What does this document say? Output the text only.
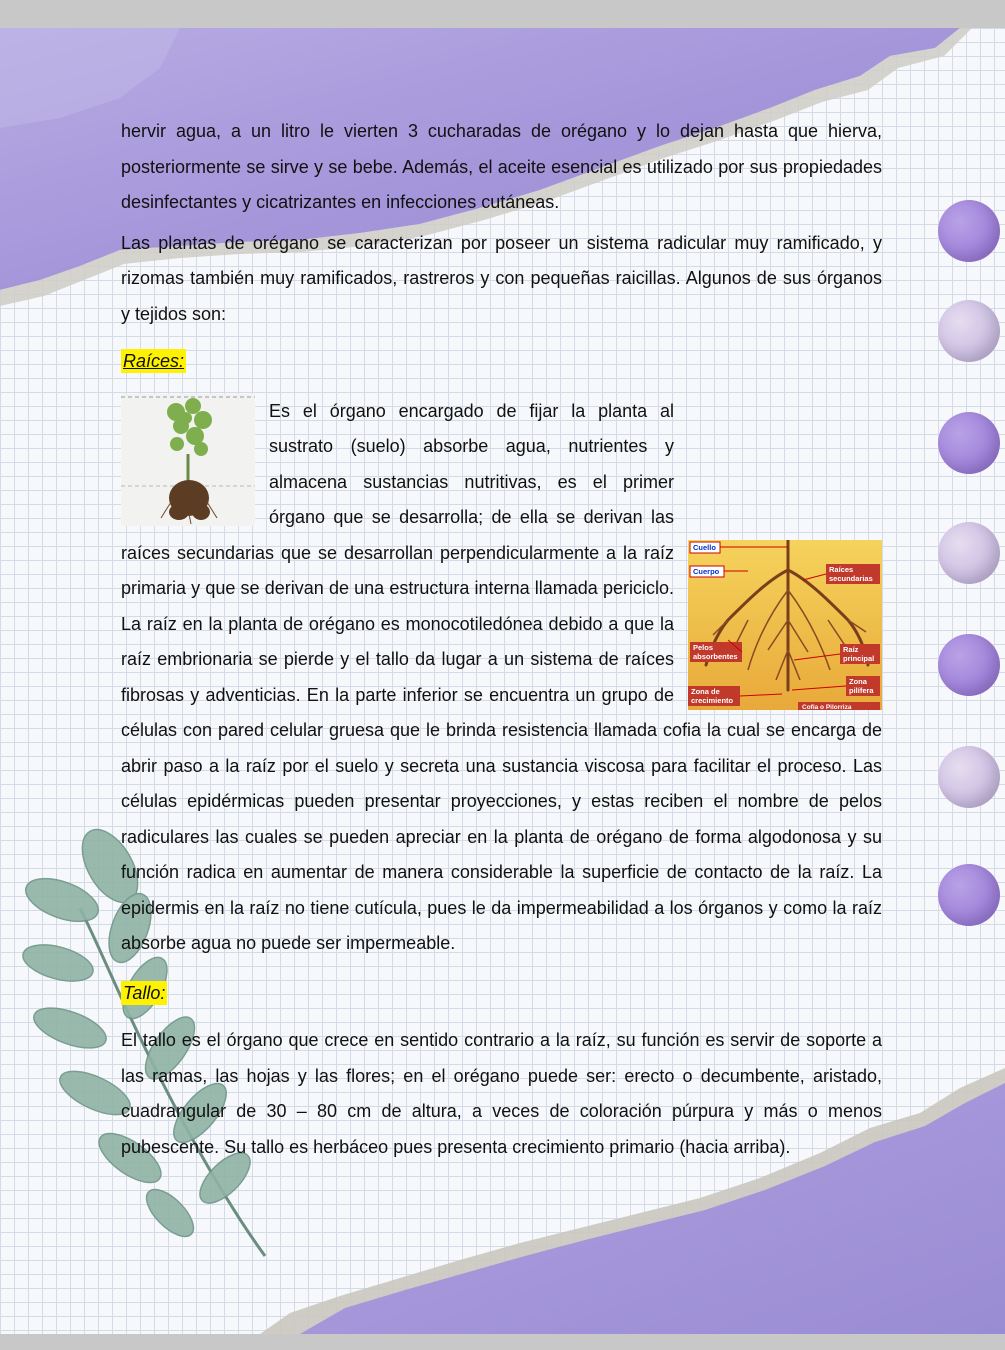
hervir agua, a un litro le vierten 3 cucharadas de orégano y lo dejan hasta que hierva, posteriormente se sirve y se bebe. Además, el aceite esencial es utilizado por sus propiedades desinfectantes y cicatrizantes en infecciones cutáneas.

Las plantas de orégano se caracterizan por poseer un sistema radicular muy ramificado, y rizomas también muy ramificados, rastreros y con pequeñas raicillas. Algunos de sus órganos y tejidos son:

Raíces:
Cuello
Cuerpo	Raíces
secundarias
Pelos
absorbentes
Raíz
principal
Zona
pilífera
Zona de
crecimiento
Cofia o Pilorriza

Es el órgano encargado de fijar la planta al sustrato (suelo) absorbe agua, nutrientes y almacena sustancias nutritivas, es el primer órgano que se desarrolla; de ella se derivan las raíces secundarias que se desarrollan perpendicularmente a la raíz primaria y que se derivan de una estructura interna llamada periciclo. La raíz en la planta de orégano es monocotiledónea debido a que la raíz embrionaria se pierde y el tallo da lugar a un sistema de raíces fibrosas y adventicias. En la parte inferior se encuentra un grupo de células con pared celular gruesa que le brinda resistencia llamada cofia la cual se encarga de abrir paso a la raíz por el suelo y secreta una sustancia viscosa para facilitar el proceso. Las células epidérmicas pueden presentar proyecciones, y estas reciben el nombre de pelos radiculares las cuales se pueden apreciar en la planta de orégano de forma algodonosa y su función radica en aumentar de manera considerable la superficie de contacto de la raíz. La epidermis en la raíz no tiene cutícula, pues le da impermeabilidad a los órganos y como la raíz absorbe agua no puede ser impermeable.

Tallo:

El tallo es el órgano que crece en sentido contrario a la raíz, su función es servir de soporte a las ramas, las hojas y las flores; en el orégano puede ser: erecto o decumbente, aristado, cuadrangular de 30 – 80 cm de altura, a veces de coloración púrpura y más o menos pubescente. Su tallo es herbáceo pues presenta crecimiento primario (hacia arriba).
